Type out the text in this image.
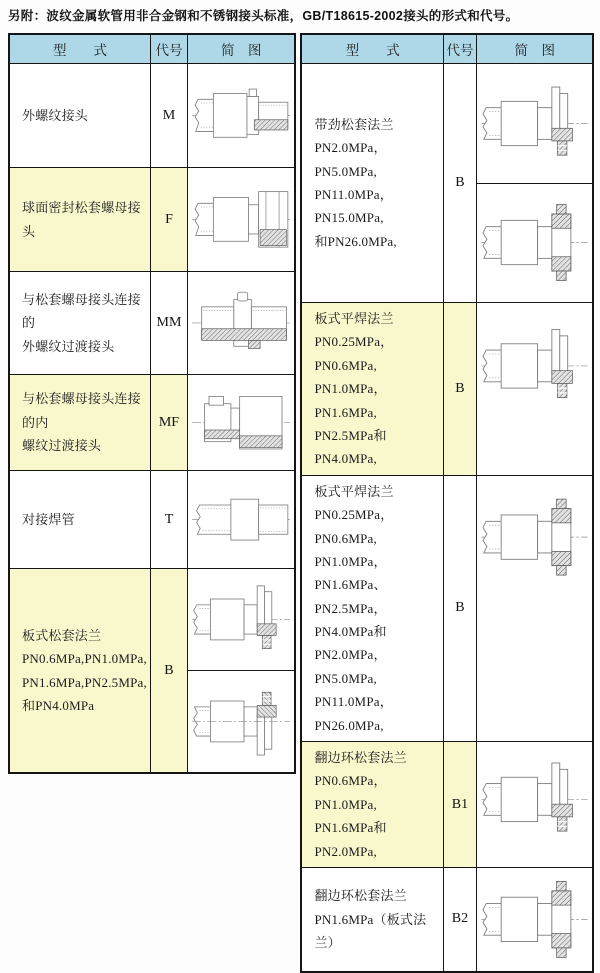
另附：波纹金属软管用非合金钢和不锈钢接头标准，GB/T18615-2002接头的形式和代号。
型　　式	代号	简　图

外螺纹接头	M	

球面密封松套螺母接头	F	

与松套螺母接头连接的
外螺纹过渡接头	MM	

与松套螺母接头连接的内
螺纹过渡接头	MF	

对接焊管	T	

板式松套法兰
PN0.6MPa,PN1.0MPa,
PN1.6MPa,PN2.5MPa,
和PN4.0MPa	B	
型　　式	代号	简　图

带劲松套法兰
PN2.0MPa，PN5.0MPa,
PN11.0MPa，PN15.0MPa,
和PN26.0MPa,	B	

板式平焊法兰
PN0.25MPa，PN0.6MPa,
PN1.0MPa，PN1.6MPa,
PN2.5MPa和PN4.0MPa,	B	

板式平焊法兰
PN0.25MPa，PN0.6MPa,
PN1.0MPa，PN1.6MPa、
PN2.5MPa，PN4.0MPa和
PN2.0MPa，PN5.0MPa,
PN11.0MPa，PN26.0MPa,
	B	

翻边环松套法兰
PN0.6MPa，PN1.0MPa,
PN1.6MPa和PN2.0MPa,	B1	

翻边环松套法兰
PN1.6MPa（板式法兰）	B2	
